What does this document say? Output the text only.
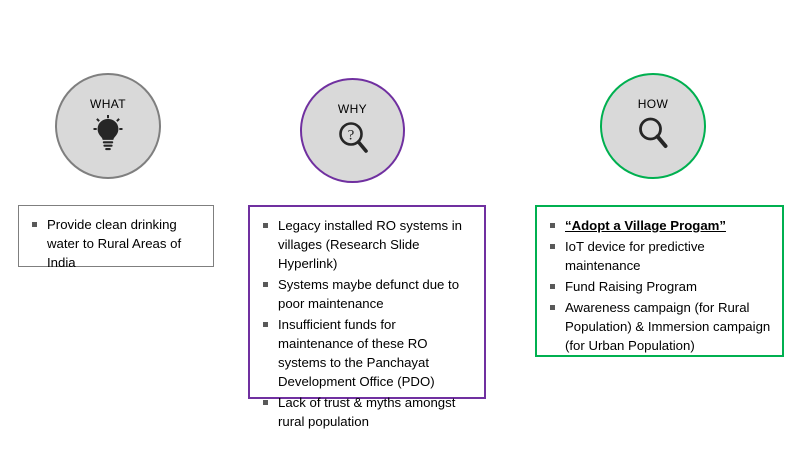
WHAT
Provide clean drinking water to Rural Areas of India
WHY
?
Legacy installed RO systems in villages (Research Slide Hyperlink)
Systems maybe defunct due to poor maintenance
Insufficient funds for maintenance of these RO systems to the Panchayat Development Office (PDO)
Lack of trust & myths amongst rural population
HOW
“Adopt a Village Progam”
IoT device for predictive maintenance
Fund Raising Program
Awareness campaign (for Rural Population) & Immersion campaign (for Urban Population)
